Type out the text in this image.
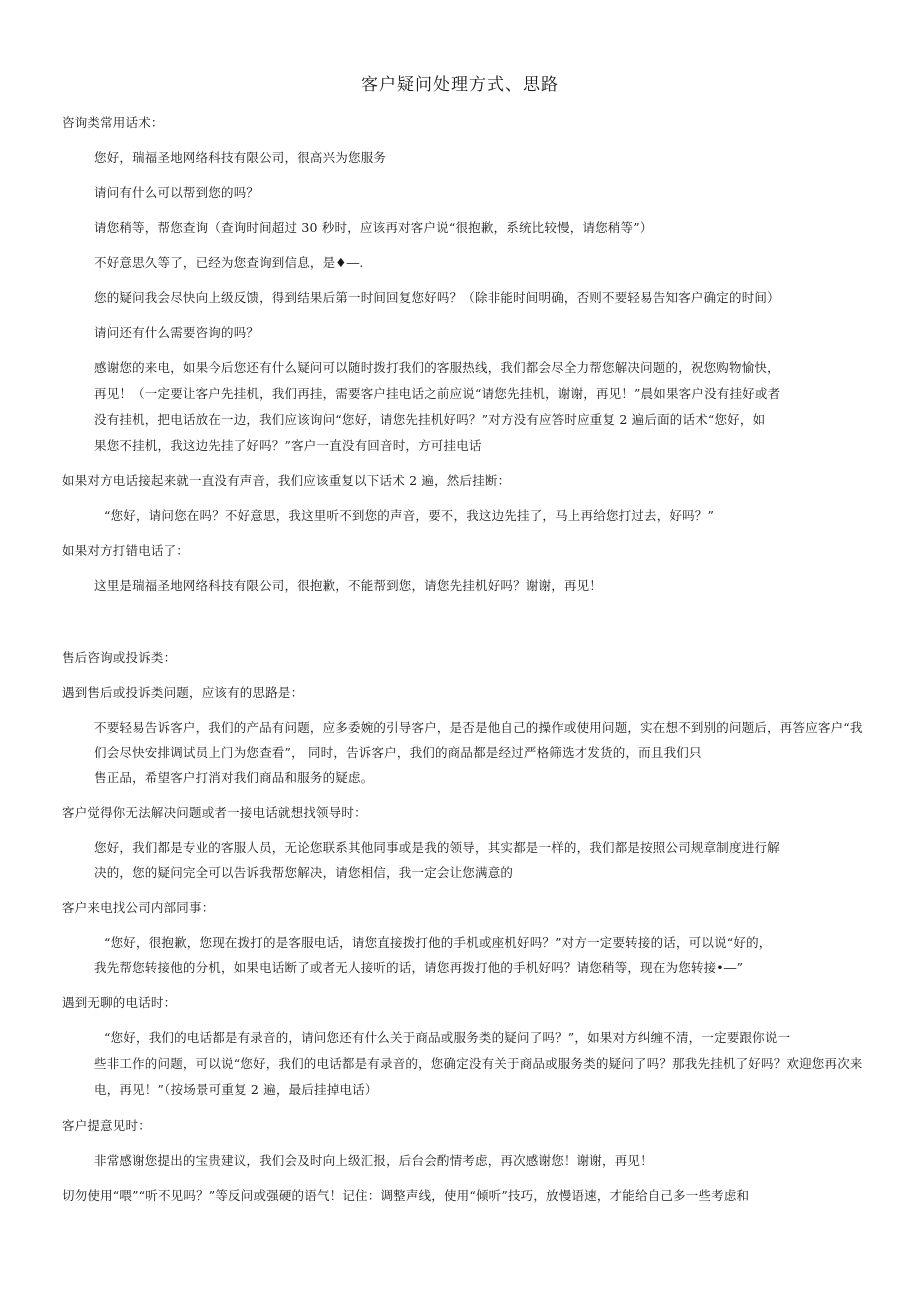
客户疑问处理方式、思路
咨询类常用话术：
您好，瑞福圣地网络科技有限公司，很高兴为您服务
请问有什么可以帮到您的吗？
请您稍等，帮您查询（查询时间超过 30 秒时，应该再对客户说“很抱歉，系统比较慢，请您稍等”）
不好意思久等了，已经为您查询到信息，是♦―.
您的疑问我会尽快向上级反馈，得到结果后第一时间回复您好吗？（除非能时间明确，否则不要轻易告知客户确定的时间）
请问还有什么需要咨询的吗？
感谢您的来电，如果今后您还有什么疑问可以随时拨打我们的客服热线，我们都会尽全力帮您解决问题的，祝您购物愉快，
再见！（一定要让客户先挂机，我们再挂，需要客户挂电话之前应说“请您先挂机，谢谢，再见！”晨如果客户没有挂好或者
没有挂机，把电话放在一边，我们应该询问“您好，请您先挂机好吗？”对方没有应答时应重复 2 遍后面的话术“您好，如
果您不挂机，我这边先挂了好吗？”客户一直没有回音时，方可挂电话
如果对方电话接起来就一直没有声音，我们应该重复以下话术 2 遍，然后挂断：
“您好，请问您在吗？不好意思，我这里听不到您的声音，要不，我这边先挂了，马上再给您打过去，好吗？”
如果对方打错电话了：
这里是瑞福圣地网络科技有限公司，很抱歉，不能帮到您，请您先挂机好吗？谢谢，再见！
售后咨询或投诉类：
遇到售后或投诉类问题，应该有的思路是：
不要轻易告诉客户，我们的产品有问题，应多委婉的引导客户，是否是他自己的操作或使用问题，实在想不到别的问题后，再答应客户“我
们会尽快安排调试员上门为您查看”， 同时，告诉客户，我们的商品都是经过严格筛选才发货的，而且我们只
售正品，希望客户打消对我们商品和服务的疑虑。
客户觉得你无法解决问题或者一接电话就想找领导时：
您好，我们都是专业的客服人员，无论您联系其他同事或是我的领导，其实都是一样的，我们都是按照公司规章制度进行解
决的，您的疑问完全可以告诉我帮您解决，请您相信，我一定会让您满意的
客户来电找公司内部同事：
“您好，很抱歉，您现在拨打的是客服电话，请您直接拨打他的手机或座机好吗？”对方一定要转接的话，可以说“好的，
我先帮您转接他的分机，如果电话断了或者无人接听的话，请您再拨打他的手机好吗？请您稍等，现在为您转接•―”
遇到无聊的电话时：
“您好，我们的电话都是有录音的，请问您还有什么关于商品或服务类的疑问了吗？”，如果对方纠缠不清，一定要跟你说一
些非工作的问题，可以说“您好，我们的电话都是有录音的，您确定没有关于商品或服务类的疑问了吗？那我先挂机了好吗？欢迎您再次来
电，再见！”（按场景可重复 2 遍，最后挂掉电话）
客户提意见时：
非常感谢您提出的宝贵建议，我们会及时向上级汇报，后台会酌情考虑，再次感谢您！谢谢，再见！
切勿使用“喂”“听不见吗？”等反问或强硬的语气！记住：调整声线，使用“倾听”技巧，放慢语速，才能给自己多一些考虑和
